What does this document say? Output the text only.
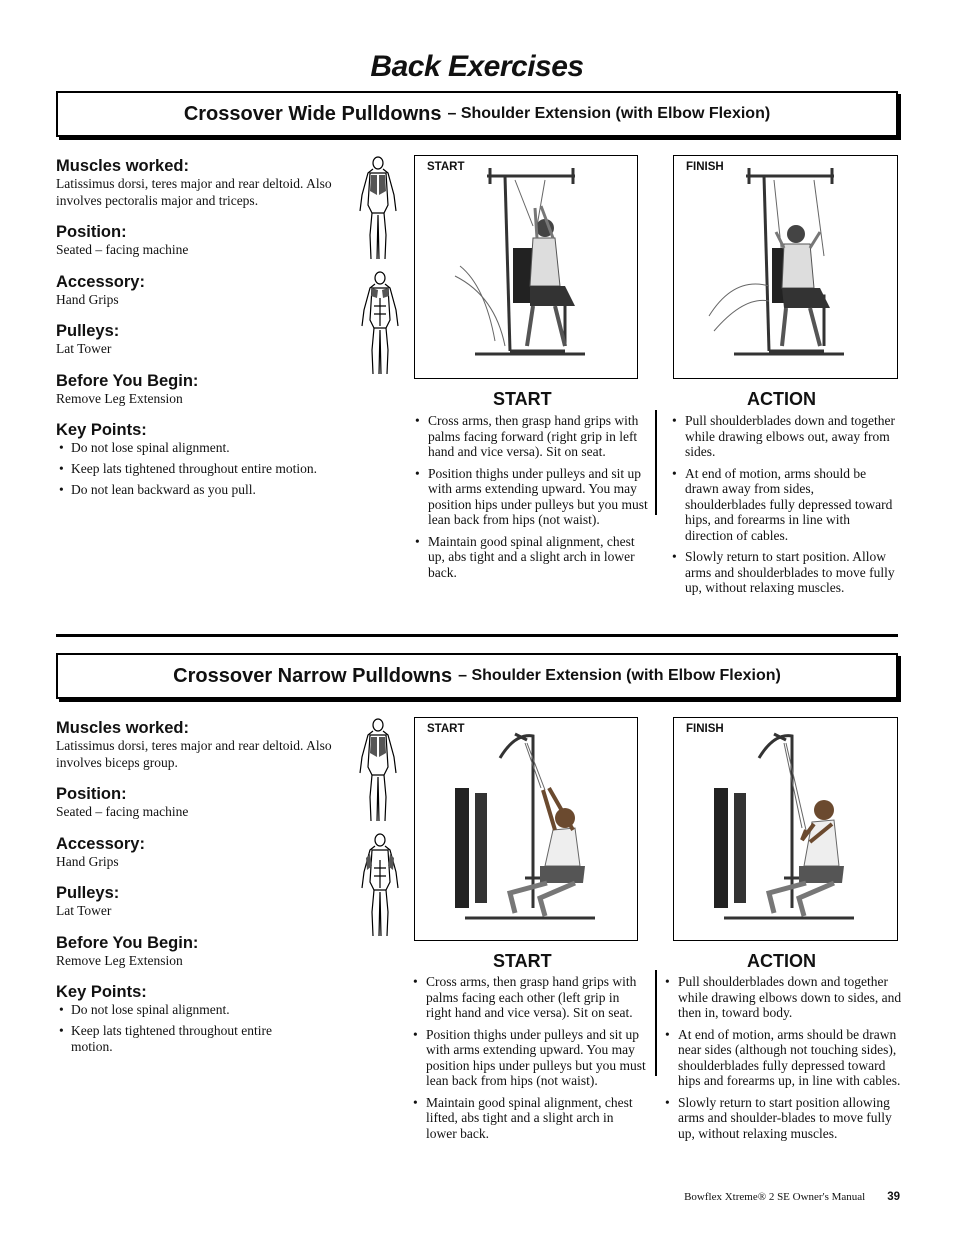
Back Exercises
Crossover Wide Pulldowns – Shoulder Extension (with Elbow Flexion)

Muscles worked:

Latissimus dorsi, teres major and rear deltoid. Also involves pectoralis major and triceps.

Position:

Seated – facing machine

Accessory:

Hand Grips

Pulleys:

Lat Tower

Before You Begin:

Remove Leg Extension

Key Points:

• Do not lose spinal alignment.
• Keep lats tightened throughout entire motion.
• Do not lean backward as you pull.
START	FINISH
START	ACTION
• Cross arms, then grasp hand grips with palms facing forward (right grip in left hand and vice versa). Sit on seat.
• Position thighs under pulleys and sit up with arms extending upward. You may position hips under pulleys but you must lean back from hips (not waist).
• Maintain good spinal alignment, chest up, abs tight and a slight arch in lower back.
• Pull shoulderblades down and together while drawing elbows out, away from sides.
• At end of motion, arms should be drawn away from sides, shoulderblades fully depressed toward hips, and forearms in line with direction of cables.
• Slowly return to start position. Allow arms and shoulderblades to move fully up, without relaxing muscles.
Crossover Narrow Pulldowns – Shoulder Extension (with Elbow Flexion)

Muscles worked:

Latissimus dorsi, teres major and rear deltoid. Also involves biceps group.

Position:

Seated – facing machine

Accessory:

Hand Grips

Pulleys:

Lat Tower

Before You Begin:

Remove Leg Extension

Key Points:

• Do not lose spinal alignment.
• Keep lats tightened throughout entire motion.
START	FINISH
START	ACTION
• Cross arms, then grasp hand grips with palms facing each other (left grip in right hand and vice versa). Sit on seat.
• Position thighs under pulleys and sit up with arms extending upward. You may position hips under pulleys but you must lean back from hips (not waist).
• Maintain good spinal alignment, chest lifted, abs tight and a slight arch in lower back.
• Pull shoulderblades down and together while drawing elbows down to sides, and then in, toward body.
• At end of motion, arms should be drawn near sides (although not touching sides), shoulderblades fully depressed toward hips and forearms up, in line with cables.
• Slowly return to start position allowing arms and shoulder-blades to move fully up, without relaxing muscles.
Bowflex Xtreme® 2 SE Owner's Manual 39
